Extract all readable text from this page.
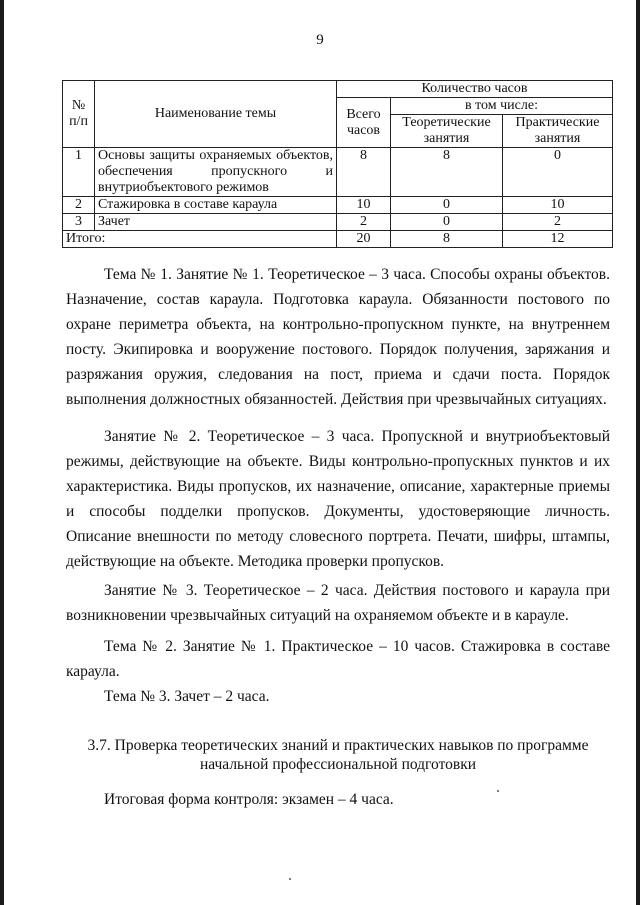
9
№ п/п	Наименование темы	Количество часов		
		Всего часов	в том числе:	
			Теоретические занятия	Практические занятия
1	Основы защиты охраняемых объектов, обеспечения пропускного и внутриобъектового режимов	8	8	0
2	Стажировка в составе караула	10	0	10
3	Зачет	2	0	2
Итого:		20	8	12

Тема № 1. Занятие № 1. Теоретическое – 3 часа. Способы охраны объектов. Назначение, состав караула. Подготовка караула. Обязанности постового по охране периметра объекта, на контрольно-пропускном пункте, на внутреннем посту. Экипировка и вооружение постового. Порядок получения, заряжания и разряжания оружия, следования на пост, приема и сдачи поста. Порядок выполнения должностных обязанностей. Действия при чрезвычайных ситуациях.

Занятие № 2. Теоретическое – 3 часа. Пропускной и внутриобъектовый режимы, действующие на объекте. Виды контрольно-пропускных пунктов и их характеристика. Виды пропусков, их назначение, описание, характерные приемы и способы подделки пропусков. Документы, удостоверяющие личность. Описание внешности по методу словесного портрета. Печати, шифры, штампы, действующие на объекте. Методика проверки пропусков.

Занятие № 3. Теоретическое – 2 часа. Действия постового и караула при возникновении чрезвычайных ситуаций на охраняемом объекте и в карауле.

Тема № 2. Занятие № 1. Практическое – 10 часов. Стажировка в составе караула.

Тема № 3. Зачет – 2 часа.

3.7. Проверка теоретических знаний и практических навыков по программе
начальной профессиональной подготовки
Итоговая форма контроля: экзамен – 4 часа.
